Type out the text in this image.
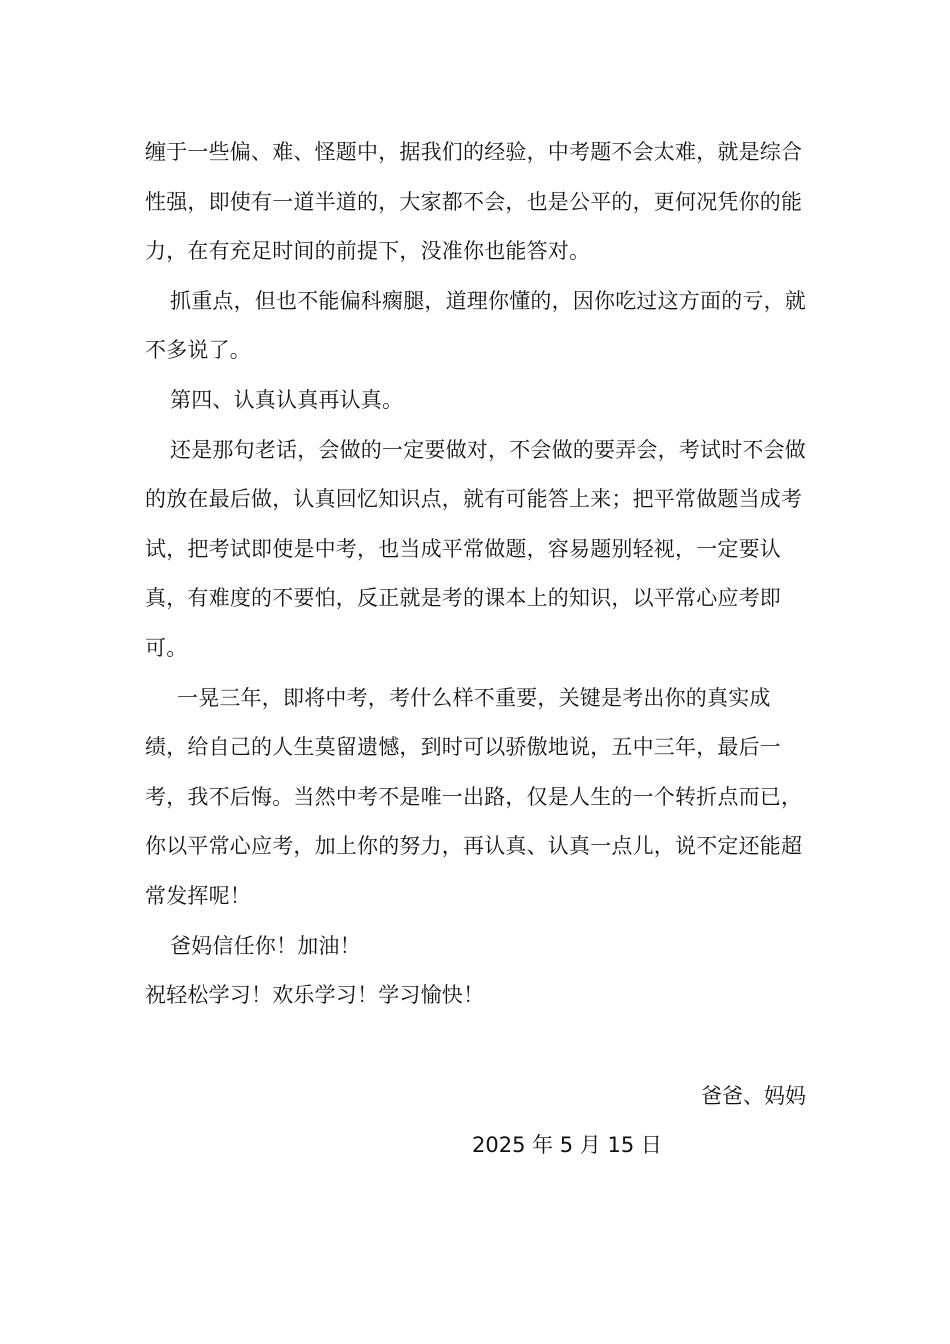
缠于一些偏、难、怪题中，据我们的经验，中考题不会太难，就是综合性强，即使有一道半道的，大家都不会，也是公平的，更何况凭你的能力，在有充足时间的前提下，没准你也能答对。

抓重点，但也不能偏科瘸腿，道理你懂的，因你吃过这方面的亏，就不多说了。

第四、认真认真再认真。

还是那句老话，会做的一定要做对，不会做的要弄会，考试时不会做的放在最后做，认真回忆知识点，就有可能答上来；把平常做题当成考试，把考试即使是中考，也当成平常做题，容易题别轻视，一定要认真，有难度的不要怕，反正就是考的课本上的知识，以平常心应考即可。

一晃三年，即将中考，考什么样不重要，关键是考出你的真实成绩，给自己的人生莫留遗憾，到时可以骄傲地说，五中三年，最后一考，我不后悔。当然中考不是唯一出路，仅是人生的一个转折点而已，你以平常心应考，加上你的努力，再认真、认真一点儿，说不定还能超常发挥呢！

爸妈信任你！加油！

祝轻松学习！欢乐学习！学习愉快！

爸爸、妈妈
2025 年 5 月 15 日
